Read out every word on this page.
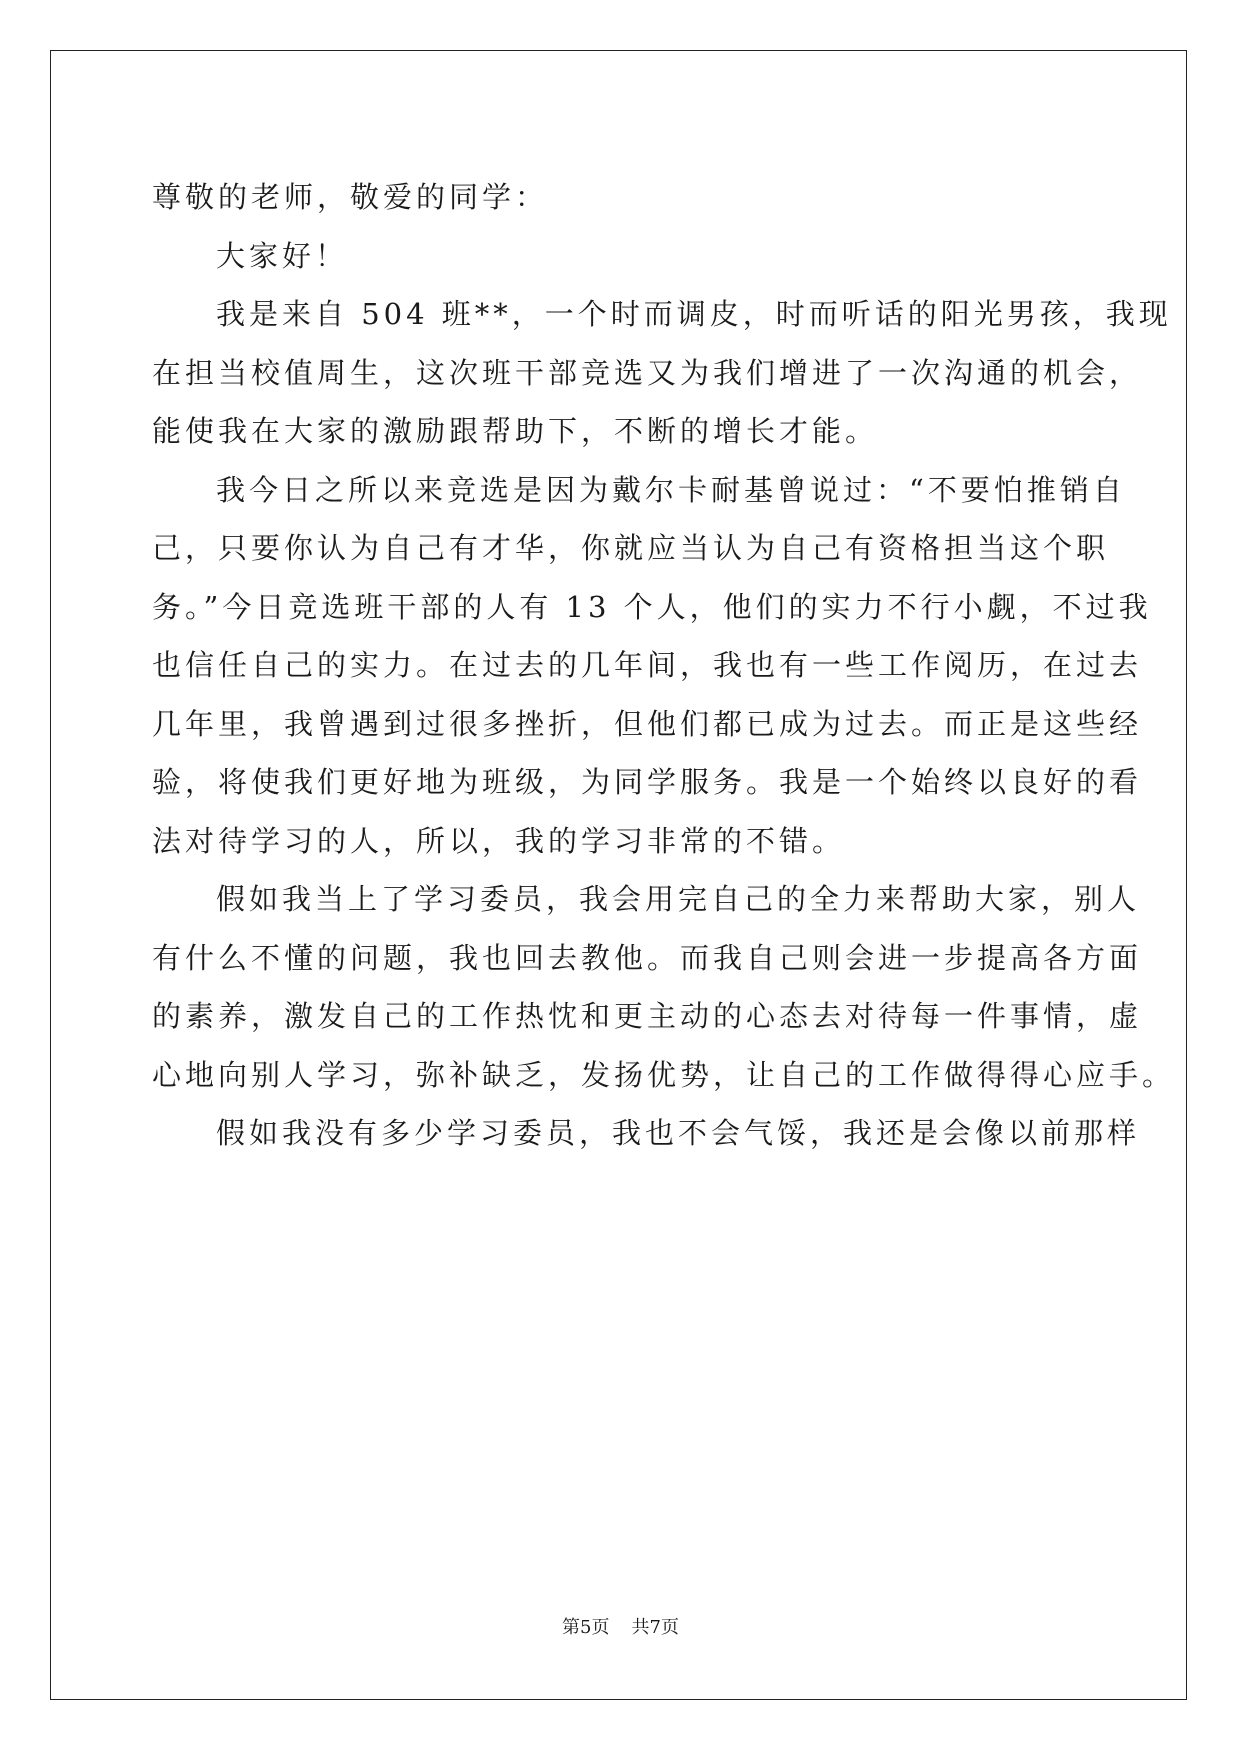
尊敬的老师，敬爱的同学：
大家好！
我是来自 504 班**，一个时而调皮，时而听话的阳光男孩，我现
在担当校值周生，这次班干部竞选又为我们增进了一次沟通的机会，
能使我在大家的激励跟帮助下，不断的增长才能。
我今日之所以来竞选是因为戴尔卡耐基曾说过：“不要怕推销自
己，只要你认为自己有才华，你就应当认为自己有资格担当这个职
务。”今日竞选班干部的人有 13 个人，他们的实力不行小觑，不过我
也信任自己的实力。在过去的几年间，我也有一些工作阅历，在过去
几年里，我曾遇到过很多挫折，但他们都已成为过去。而正是这些经
验，将使我们更好地为班级，为同学服务。我是一个始终以良好的看
法对待学习的人，所以，我的学习非常的不错。
假如我当上了学习委员，我会用完自己的全力来帮助大家，别人
有什么不懂的问题，我也回去教他。而我自己则会进一步提高各方面
的素养，激发自己的工作热忱和更主动的心态去对待每一件事情，虚
心地向别人学习，弥补缺乏，发扬优势，让自己的工作做得得心应手。
假如我没有多少学习委员，我也不会气馁，我还是会像以前那样
第5页 共7页
